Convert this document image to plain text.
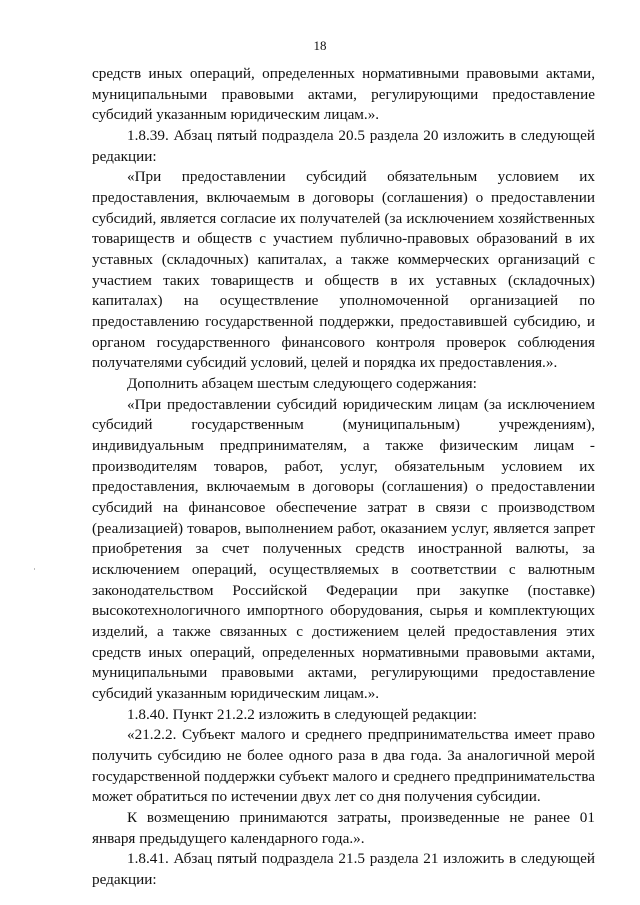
18
средств иных операций, определенных нормативными правовыми актами,
муниципальными правовыми актами, регулирующими предоставление
субсидий указанным юридическим лицам.».
1.8.39. Абзац пятый подраздела 20.5 раздела 20 изложить в следующей
редакции:
«При предоставлении субсидий обязательным условием их
предоставления, включаемым в договоры (соглашения) о предоставлении
субсидий, является согласие их получателей (за исключением хозяйственных
товариществ и обществ с участием публично-правовых образований в их
уставных (складочных) капиталах, а также коммерческих организаций с
участием таких товариществ и обществ в их уставных (складочных)
капиталах) на осуществление уполномоченной организацией по
предоставлению государственной поддержки, предоставившей субсидию, и
органом государственного финансового контроля проверок соблюдения
получателями субсидий условий, целей и порядка их предоставления.».
Дополнить абзацем шестым следующего содержания:
«При предоставлении субсидий юридическим лицам (за исключением
субсидий государственным (муниципальным) учреждениям),
индивидуальным предпринимателям, а также физическим лицам -
производителям товаров, работ, услуг, обязательным условием их
предоставления, включаемым в договоры (соглашения) о предоставлении
субсидий на финансовое обеспечение затрат в связи с производством
(реализацией) товаров, выполнением работ, оказанием услуг, является запрет
приобретения за счет полученных средств иностранной валюты, за
исключением операций, осуществляемых в соответствии с валютным
законодательством Российской Федерации при закупке (поставке)
высокотехнологичного импортного оборудования, сырья и комплектующих
изделий, а также связанных с достижением целей предоставления этих
средств иных операций, определенных нормативными правовыми актами,
муниципальными правовыми актами, регулирующими предоставление
субсидий указанным юридическим лицам.».
1.8.40. Пункт 21.2.2 изложить в следующей редакции:
«21.2.2. Субъект малого и среднего предпринимательства имеет право
получить субсидию не более одного раза в два года. За аналогичной мерой
государственной поддержки субъект малого и среднего предпринимательства
может обратиться по истечении двух лет со дня получения субсидии.
К возмещению принимаются затраты, произведенные не ранее 01
января предыдущего календарного года.».
1.8.41. Абзац пятый подраздела 21.5 раздела 21 изложить в следующей
редакции:
